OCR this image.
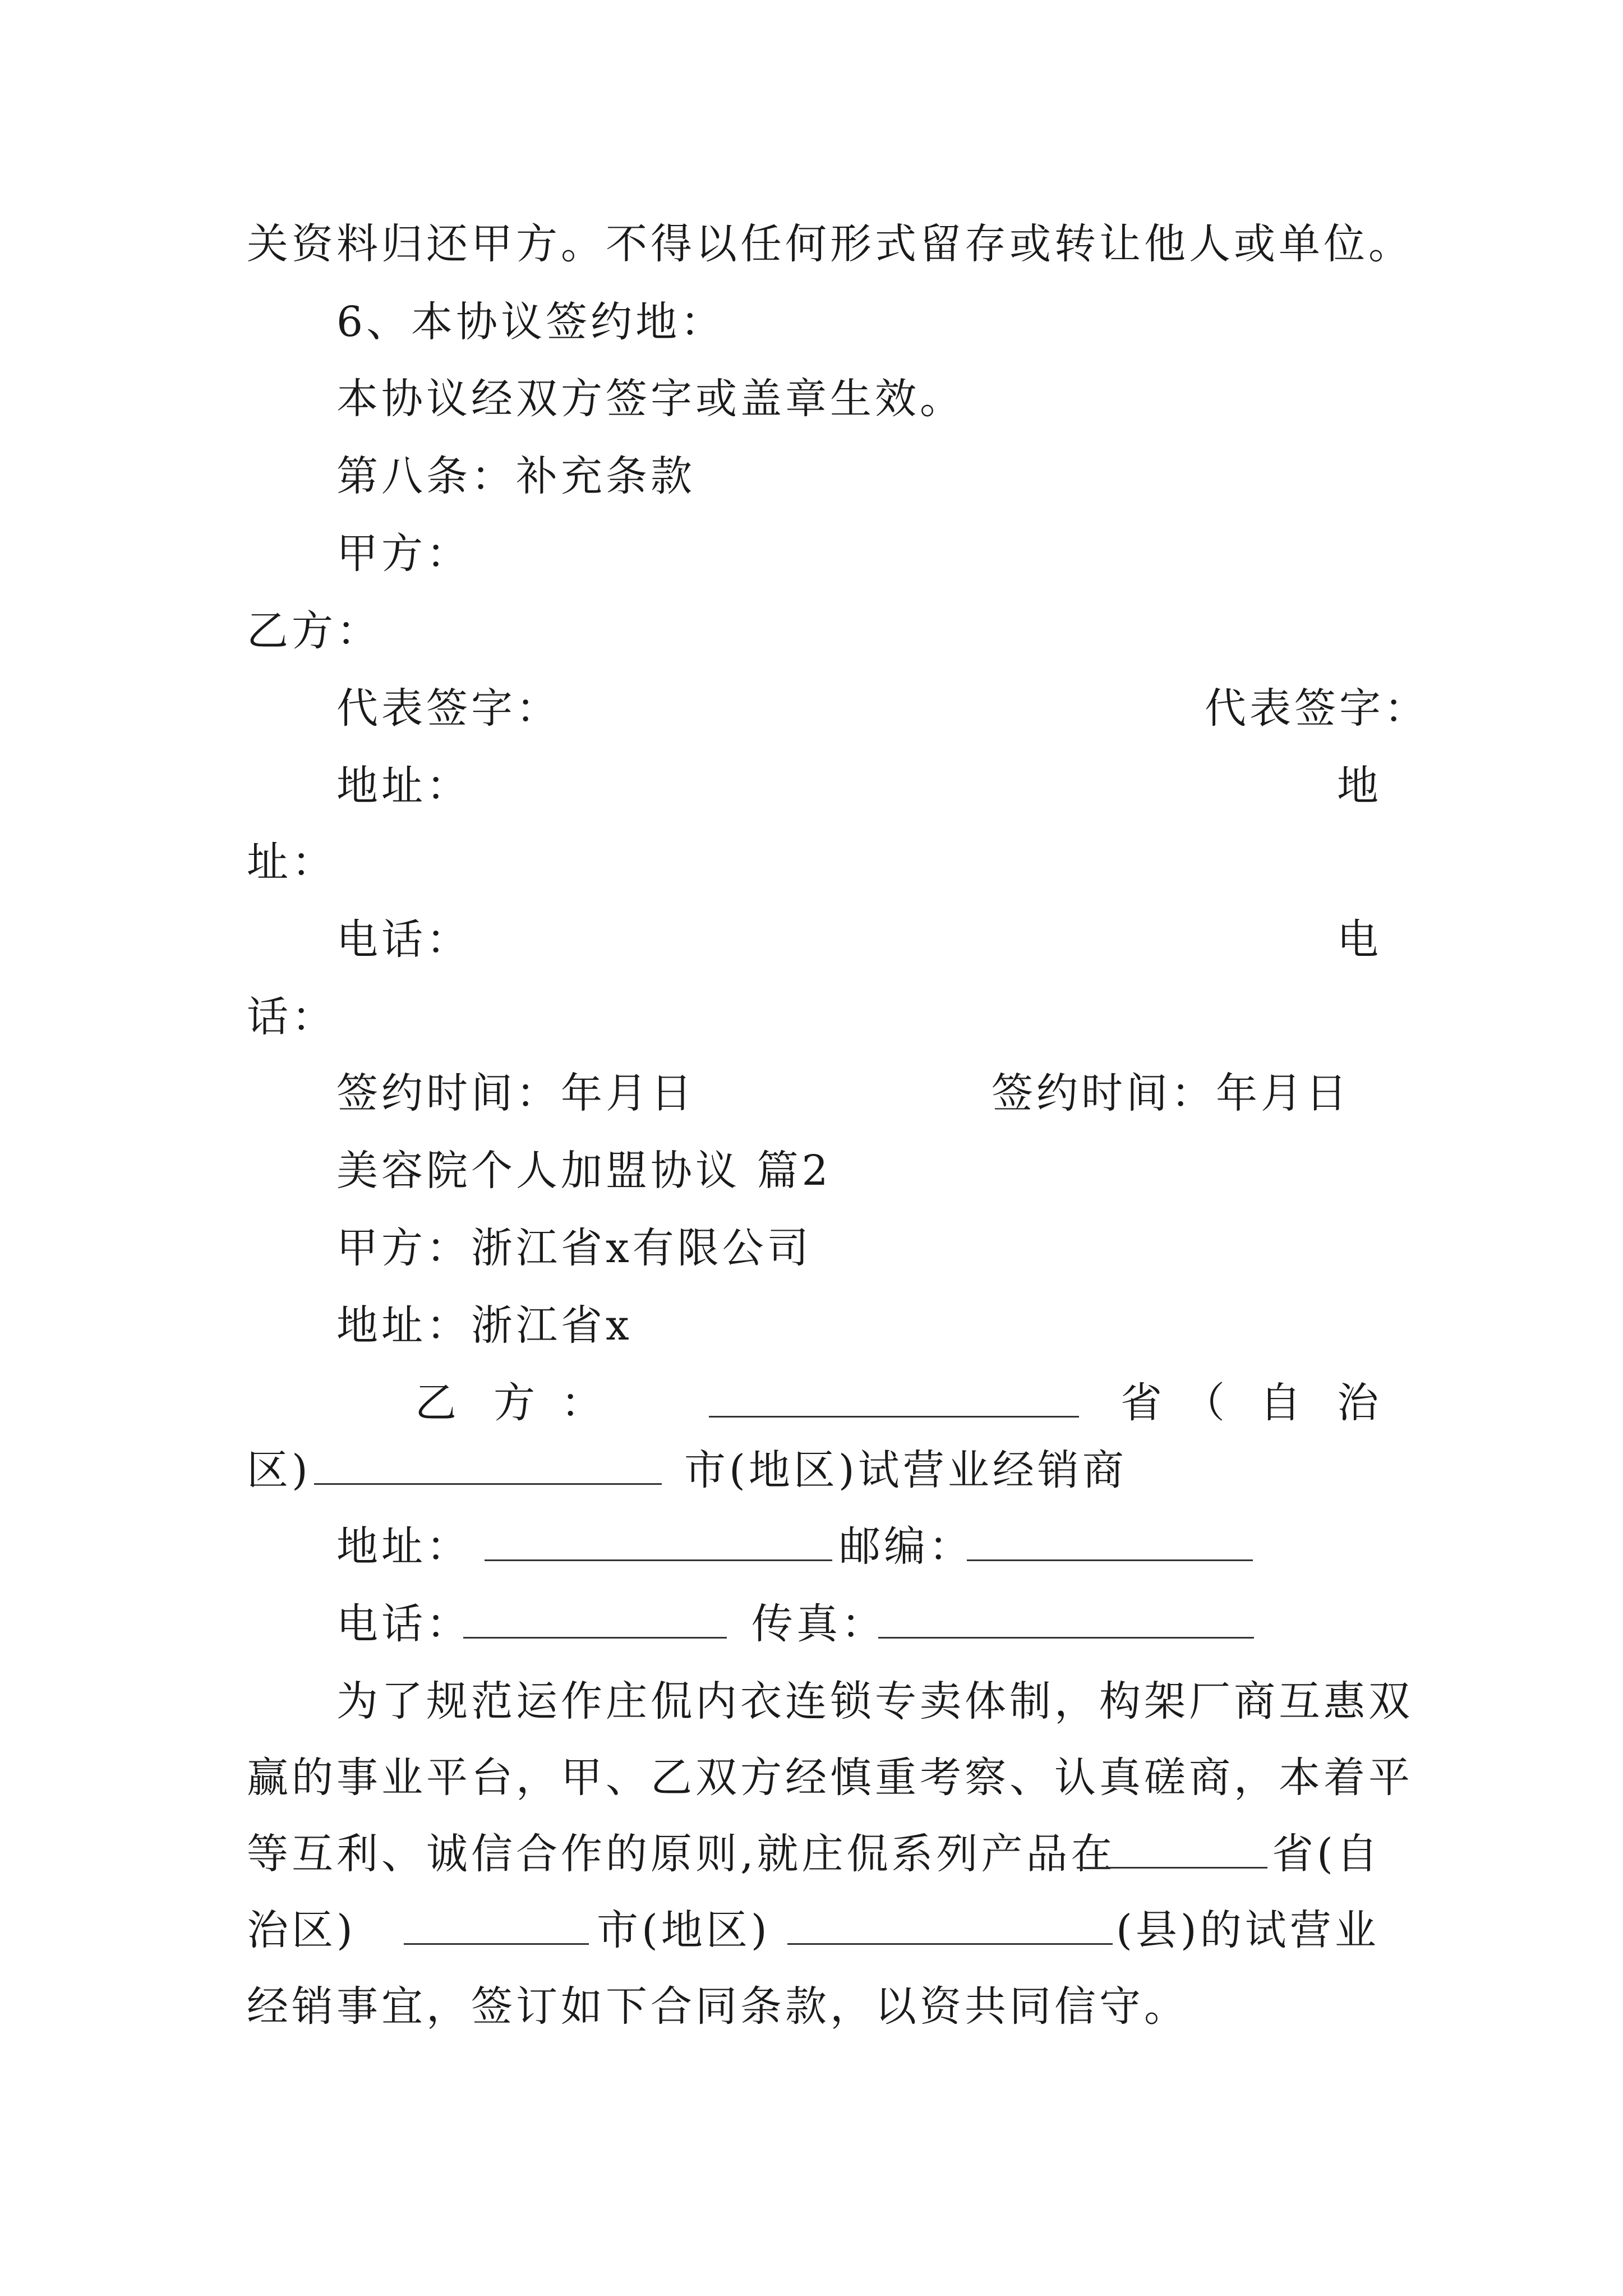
关资料归还甲方。不得以任何形式留存或转让他人或单位。
6、本协议签约地：
本协议经双方签字或盖章生效。
第八条：补充条款
甲方：
乙方：
代表签字：	代表签字：
地址：	地
址：
电话：	电
话：
签约时间：年月日	签约时间：年月日
美容院个人加盟协议 篇2
甲方：浙江省x有限公司
地址：浙江省x
乙 方 ：	省 （ 自 治
区)	市(地区)试营业经销商
地址：	邮编：
电话：	传真：
为了规范运作庄侃内衣连锁专卖体制，构架厂商互惠双
赢的事业平台，甲、乙双方经慎重考察、认真磋商，本着平
等互利、诚信合作的原则,就庄侃系列产品在	省(自
治区)	市(地区)	(县)的试营业
经销事宜，签订如下合同条款，以资共同信守。
